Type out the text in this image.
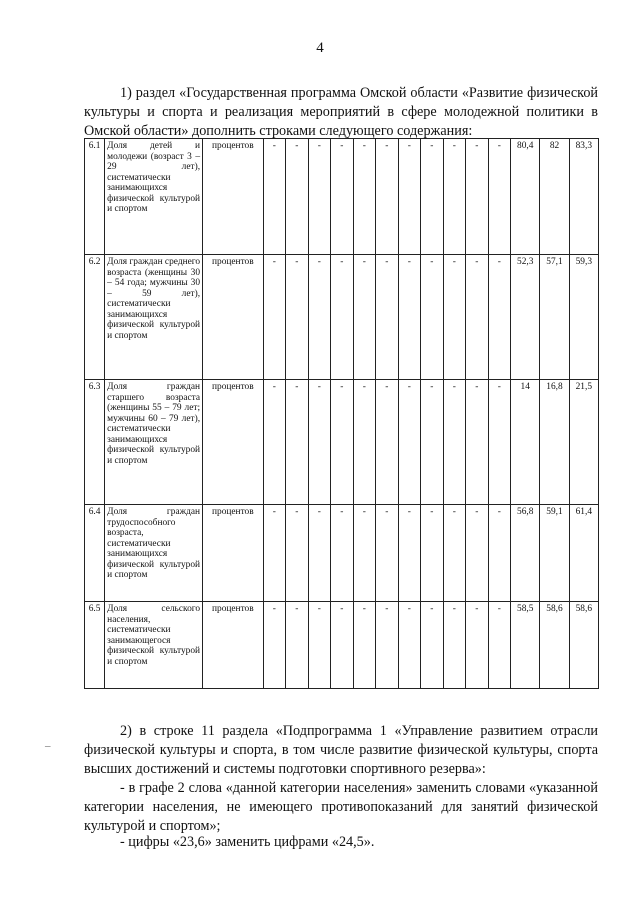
4

1) раздел «Государственная программа Омской области «Развитие физической культуры и спорта и реализация мероприятий в сфере молодежной политики в Омской области» дополнить строками следующего содержания:

6.1	Доля детей и молодежи (возраст 3 – 29 лет), систематически занимающихся физической культурой и спортом	процентов	-	-	-	-	-	-	-	-	-	-	-	80,4	82	83,3
6.2	Доля граждан среднего возраста (женщины 30 – 54 года; мужчины 30 – 59 лет), систематически занимающихся физической культурой и спортом	процентов	-	-	-	-	-	-	-	-	-	-	-	52,3	57,1	59,3
6.3	Доля граждан старшего возраста (женщины 55 – 79 лет; мужчины 60 – 79 лет), систематически занимающихся физической культурой и спортом	процентов	-	-	-	-	-	-	-	-	-	-	-	14	16,8	21,5
6.4	Доля граждан трудоспособного возраста, систематически занимающихся физической культурой и спортом	процентов	-	-	-	-	-	-	-	-	-	-	-	56,8	59,1	61,4
6.5	Доля сельского населения, систематически занимающегося физической культурой и спортом	процентов	-	-	-	-	-	-	-	-	-	-	-	58,5	58,6	58,6
–

2) в строке 11 раздела «Подпрограмма 1 «Управление развитием отрасли физической культуры и спорта, в том числе развитие физической культуры, спорта высших достижений и системы подготовки спортивного резерва»:

- в графе 2 слова «данной категории населения» заменить словами «указанной категории населения, не имеющего противопоказаний для занятий физической культурой и спортом»;

- цифры «23,6» заменить цифрами «24,5».
